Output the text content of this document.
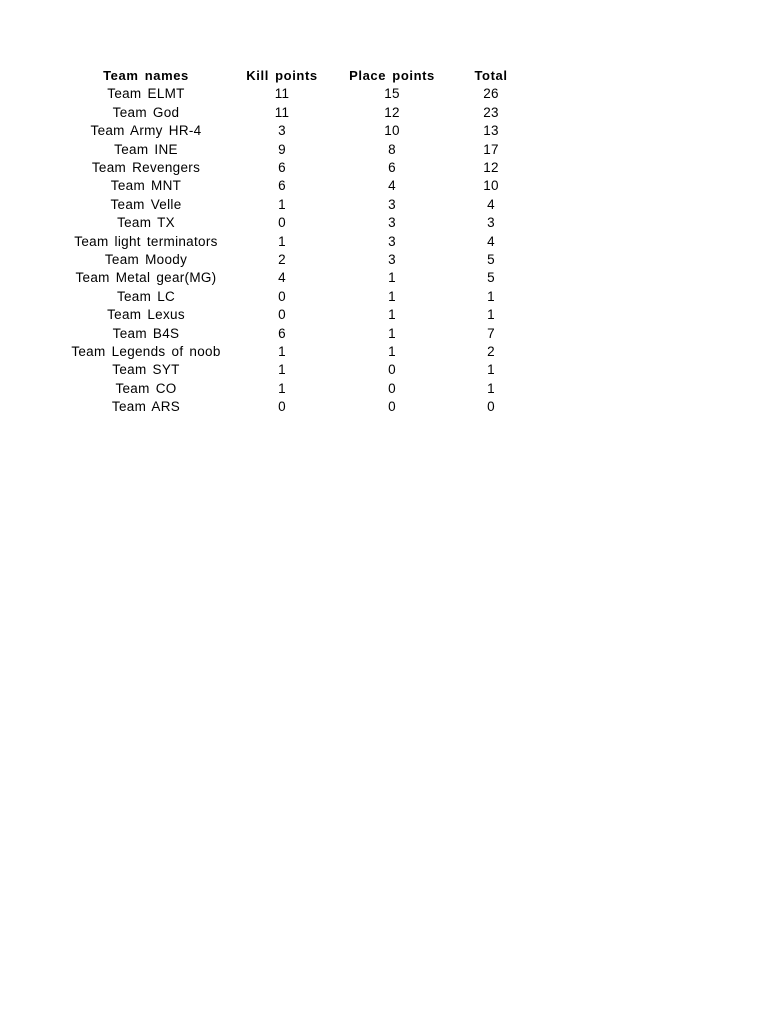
Team names	Kill points	Place points	Total
Team ELMT	11	15	26
Team God	11	12	23
Team Army HR-4	3	10	13
Team INE	9	8	17
Team Revengers	6	6	12
Team MNT	6	4	10
Team Velle	1	3	4
Team TX	0	3	3
Team light terminators	1	3	4
Team Moody	2	3	5
Team Metal gear(MG)	4	1	5
Team LC	0	1	1
Team Lexus	0	1	1
Team B4S	6	1	7
Team Legends of noob	1	1	2
Team SYT	1	0	1
Team CO	1	0	1
Team ARS	0	0	0
